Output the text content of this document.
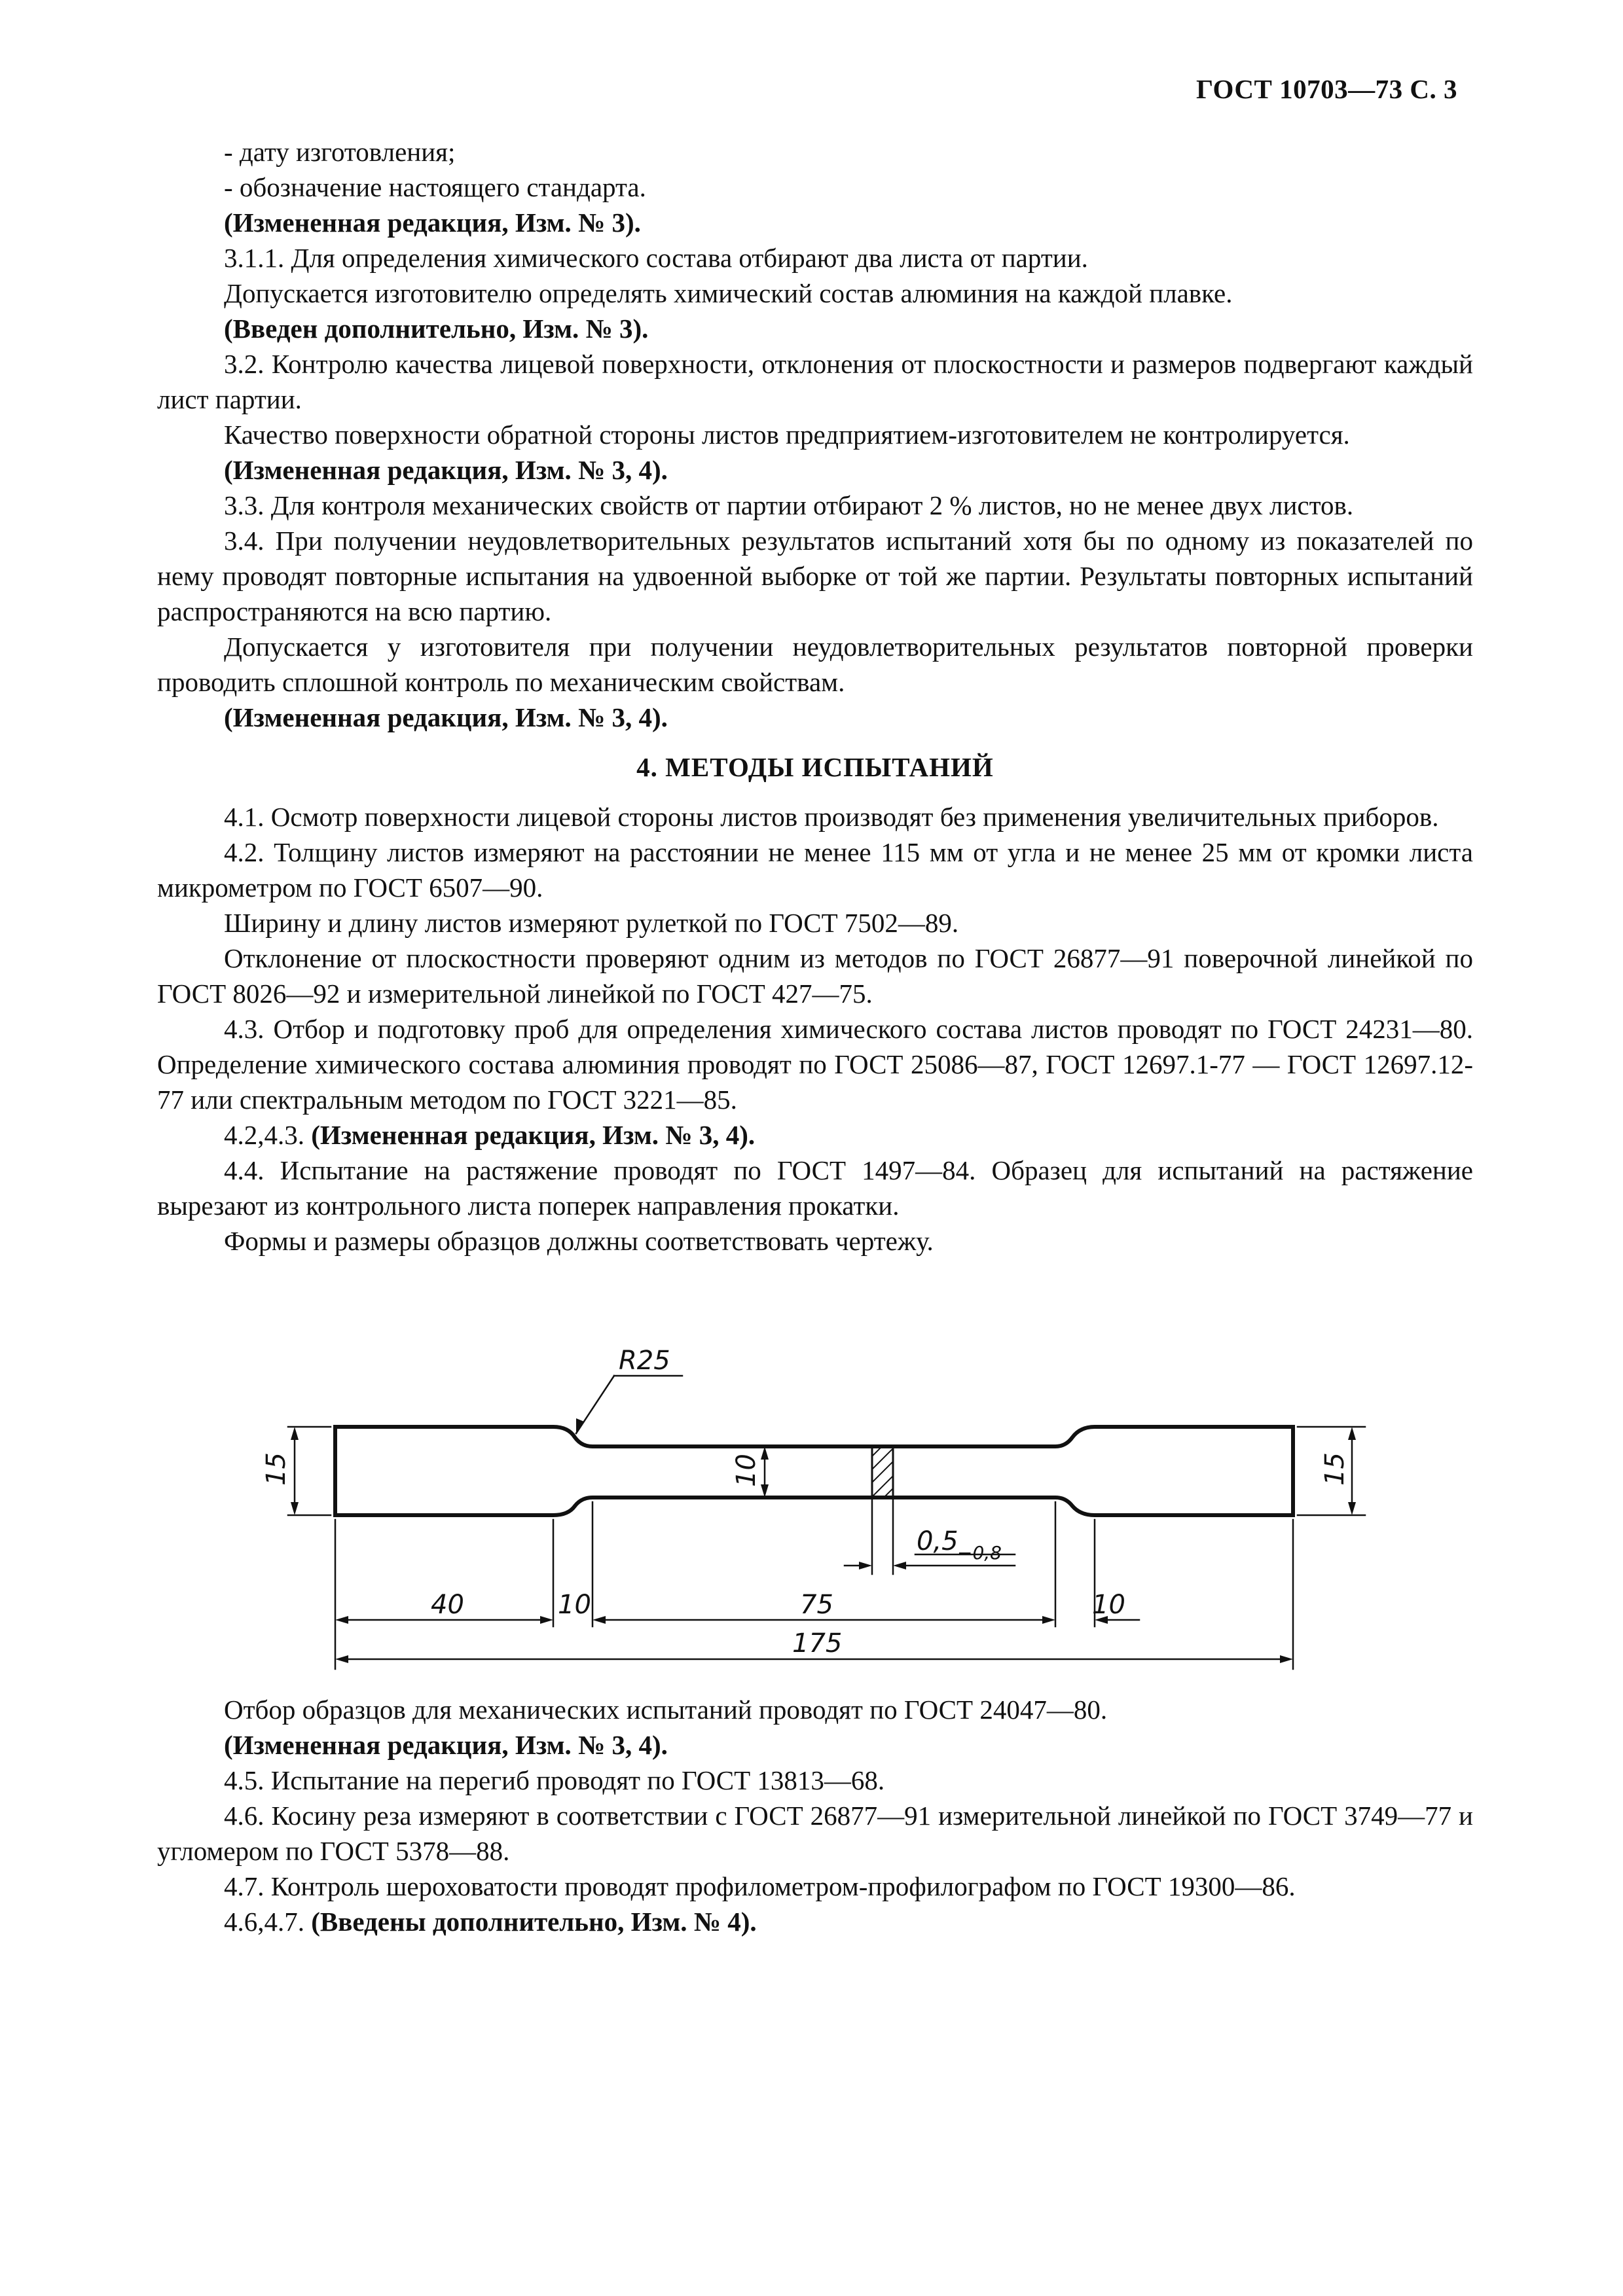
ГОСТ 10703—73 С. 3

- дату изготовления;

- обозначение настоящего стандарта.

(Измененная редакция, Изм. № 3).

3.1.1. Для определения химического состава отбирают два листа от партии.

Допускается изготовителю определять химический состав алюминия на каждой плавке.

(Введен дополнительно, Изм. № 3).

3.2. Контролю качества лицевой поверхности, отклонения от плоскостности и размеров подвергают каждый лист партии.

Качество поверхности обратной стороны листов предприятием-изготовителем не контролируется.

(Измененная редакция, Изм. № 3, 4).

3.3. Для контроля механических свойств от партии отбирают 2 % листов, но не менее двух листов.

3.4. При получении неудовлетворительных результатов испытаний хотя бы по одному из показателей по нему проводят повторные испытания на удвоенной выборке от той же партии. Результаты повторных испытаний распространяются на всю партию.

Допускается у изготовителя при получении неудовлетворительных результатов повторной проверки проводить сплошной контроль по механическим свойствам.

(Измененная редакция, Изм. № 3, 4).

4. МЕТОДЫ ИСПЫТАНИЙ

4.1. Осмотр поверхности лицевой стороны листов производят без применения увеличительных приборов.

4.2. Толщину листов измеряют на расстоянии не менее 115 мм от угла и не менее 25 мм от кромки листа микрометром по ГОСТ 6507—90.

Ширину и длину листов измеряют рулеткой по ГОСТ 7502—89.

Отклонение от плоскостности проверяют одним из методов по ГОСТ 26877—91 поверочной линейкой по ГОСТ 8026—92 и измерительной линейкой по ГОСТ 427—75.

4.3. Отбор и подготовку проб для определения химического состава листов проводят по ГОСТ 24231—80. Определение химического состава алюминия проводят по ГОСТ 25086—87, ГОСТ 12697.1-77 — ГОСТ 12697.12-77 или спектральным методом по ГОСТ 3221—85.

4.2,4.3. (Измененная редакция, Изм. № 3, 4).

4.4. Испытание на растяжение проводят по ГОСТ 1497—84. Образец для испытаний на растяжение вырезают из контрольного листа поперек направления прокатки.

Формы и размеры образцов должны соответствовать чертежу.

R25
15	15
10
0,5
−0,8
40	10	75	10
175

Отбор образцов для механических испытаний проводят по ГОСТ 24047—80.

(Измененная редакция, Изм. № 3, 4).

4.5. Испытание на перегиб проводят по ГОСТ 13813—68.

4.6. Косину реза измеряют в соответствии с ГОСТ 26877—91 измерительной линейкой по ГОСТ 3749—77 и угломером по ГОСТ 5378—88.

4.7. Контроль шероховатости проводят профилометром-профилографом по ГОСТ 19300—86.

4.6,4.7. (Введены дополнительно, Изм. № 4).
